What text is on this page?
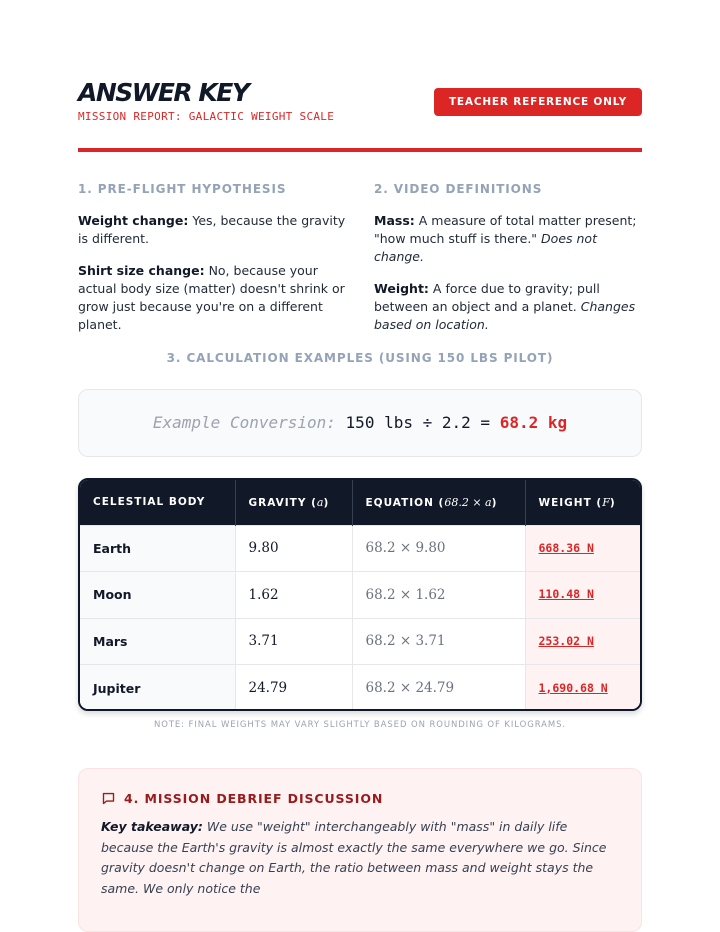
ANSWER KEY
MISSION REPORT: GALACTIC WEIGHT SCALE
TEACHER REFERENCE ONLY
1. PRE-FLIGHT HYPOTHESIS

Weight change: Yes, because the gravity is different.

Shirt size change: No, because your actual body size (matter) doesn't shrink or grow just because you're on a different planet.

2. VIDEO DEFINITIONS

Mass: A measure of total matter present; "how much stuff is there." Does not change.

Weight: A force due to gravity; pull between an object and a planet. Changes based on location.

3. CALCULATION EXAMPLES (USING 150 LBS PILOT)
Example Conversion: 150 lbs ÷ 2.2 = 68.2 kg
CELESTIAL BODY	GRAVITY (a)	EQUATION (68.2 × a)	WEIGHT (F)
Earth	9.80	68.2 × 9.80	668.36 N
Moon	1.62	68.2 × 1.62	110.48 N
Mars	3.71	68.2 × 3.71	253.02 N
Jupiter	24.79	68.2 × 24.79	1,690.68 N
NOTE: FINAL WEIGHTS MAY VARY SLIGHTLY BASED ON ROUNDING OF KILOGRAMS.
4. MISSION DEBRIEF DISCUSSION

Key takeaway: We use "weight" interchangeably with "mass" in daily life because the Earth's gravity is almost exactly the same everywhere we go. Since gravity doesn't change on Earth, the ratio between mass and weight stays the same. We only notice the
